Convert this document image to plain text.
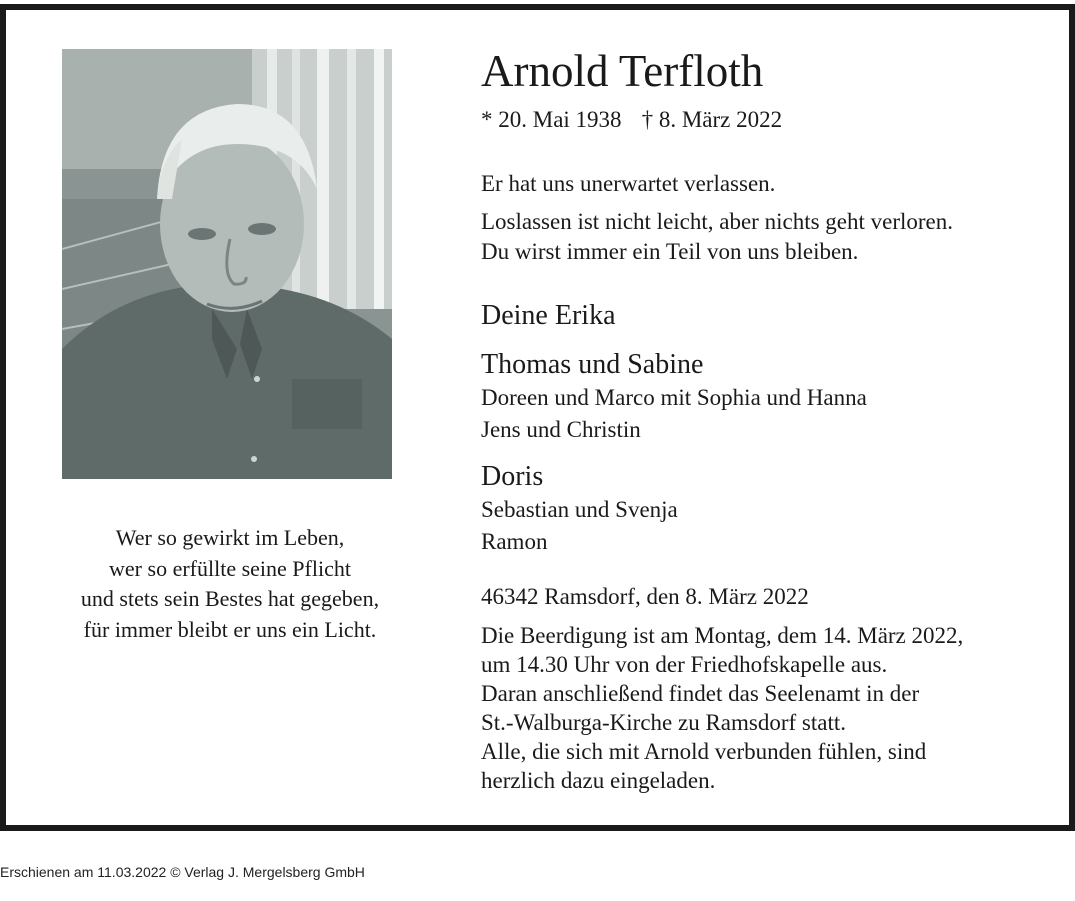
Wer so gewirkt im Leben,
wer so erfüllte seine Pflicht
und stets sein Bestes hat gegeben,
für immer bleibt er uns ein Licht.
Arnold Terfloth
* 20. Mai 1938 † 8. März 2022
Er hat uns unerwartet verlassen.
Loslassen ist nicht leicht, aber nichts geht verloren.
Du wirst immer ein Teil von uns bleiben.
Deine Erika
Thomas und Sabine
Doreen und Marco mit Sophia und Hanna
Jens und Christin
Doris
Sebastian und Svenja
Ramon
46342 Ramsdorf, den 8. März 2022
Die Beerdigung ist am Montag, dem 14. März 2022,
um 14.30 Uhr von der Friedhofskapelle aus.
Daran anschließend findet das Seelenamt in der
St.-Walburga-Kirche zu Ramsdorf statt.
Alle, die sich mit Arnold verbunden fühlen, sind
herzlich dazu eingeladen.
Erschienen am 11.03.2022 © Verlag J. Mergelsberg GmbH
